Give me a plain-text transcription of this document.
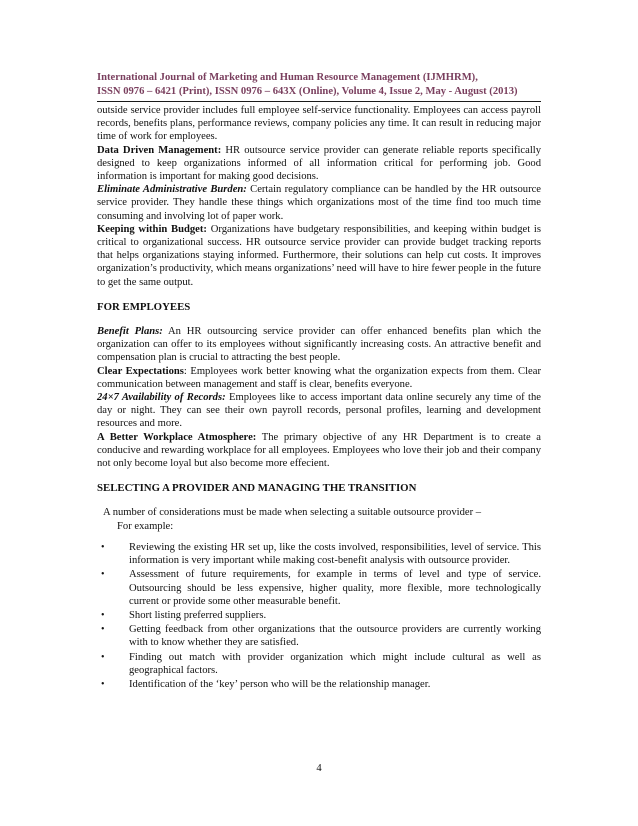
International Journal of Marketing and Human Resource Management (IJMHRM),
ISSN 0976 – 6421 (Print), ISSN 0976 – 643X (Online), Volume 4, Issue 2, May - August (2013)

outside service provider includes full employee self-service functionality. Employees can access payroll records, benefits plans, performance reviews, company policies any time. It can result in reducing major time of work for employees.

Data Driven Management: HR outsource service provider can generate reliable reports specifically designed to keep organizations informed of all information critical for performing job. Good information is important for making good decisions.

Eliminate Administrative Burden: Certain regulatory compliance can be handled by the HR outsource service provider. They handle these things which organizations most of the time find too much time consuming and involving lot of paper work.

Keeping within Budget: Organizations have budgetary responsibilities, and keeping within budget is critical to organizational success. HR outsource service provider can provide budget tracking reports that helps organizations staying informed. Furthermore, their solutions can help cut costs. It improves organization’s productivity, which means organizations’ need will have to hire fewer people in the future to get the same output.

FOR EMPLOYEES

Benefit Plans: An HR outsourcing service provider can offer enhanced benefits plan which the organization can offer to its employees without significantly increasing costs. An attractive benefit and compensation plan is crucial to attracting the best people.

Clear Expectations: Employees work better knowing what the organization expects from them. Clear communication between management and staff is clear, benefits everyone.

24×7 Availability of Records: Employees like to access important data online securely any time of the day or night. They can see their own payroll records, personal profiles, learning and development resources and more.

A Better Workplace Atmosphere: The primary objective of any HR Department is to create a conducive and rewarding workplace for all employees. Employees who love their job and their company not only become loyal but also become more effecient.

SELECTING A PROVIDER AND MANAGING THE TRANSITION

A number of considerations must be made when selecting a suitable outsource provider –
For example:

•	Reviewing the existing HR set up, like the costs involved, responsibilities, level of service. This information is very important while making cost-benefit analysis with outsource provider.
•	Assessment of future requirements, for example in terms of level and type of service. Outsourcing should be less expensive, higher quality, more flexible, more technologically current or provide some other measurable benefit.
•	Short listing preferred suppliers.
•	Getting feedback from other organizations that the outsource providers are currently working with to know whether they are satisfied.
•	Finding out match with provider organization which might include cultural as well as geographical factors.
•	Identification of the ‘key’ person who will be the relationship manager.
4
